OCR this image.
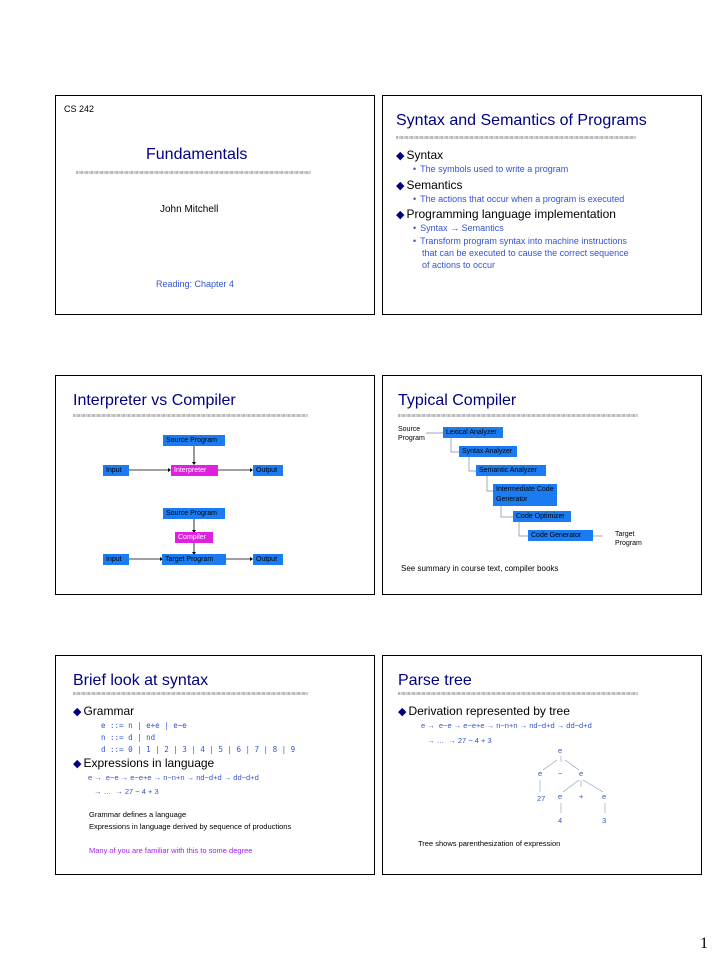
CS 242
Fundamentals
John Mitchell
Reading: Chapter 4
Syntax and Semantics of Programs
◆ Syntax
• The symbols used to write a program
◆ Semantics
• The actions that occur when a program is executed
◆ Programming language implementation
• Syntax → Semantics
• Transform program syntax into machine instructions
that can be executed to cause the correct sequence
of actions to occur
Interpreter vs Compiler
Source Program
Input	Interpreter	Output
Source Program
Compiler
Input	Target Program	Output
Typical Compiler
Source
Program
Lexical Analyzer
Syntax Analyzer
Semantic Analyzer
Intermediate Code
Generator
Code Optimizer
Code Generator	Target
Program
See summary in course text, compiler books
Brief look at syntax
◆ Grammar
e ::= n | e+e | e−e
n ::= d | nd
d ::= 0 | 1 | 2 | 3 | 4 | 5 | 6 | 7 | 8 | 9
◆ Expressions in language
e →  e−e → e−e+e → n−n+n → nd−d+d → dd−d+d
→ …  → 27 − 4 + 3
Grammar defines a language
Expressions in language derived by sequence of productions
Many of you are familiar with this to some degree
Parse tree
◆ Derivation represented by tree
e →  e−e → e−e+e → n−n+n → nd−d+d → dd−d+d
→ …  → 27 − 4 + 3
e
e − e
27 e + e
4	3
Tree shows parenthesization of expression
1
